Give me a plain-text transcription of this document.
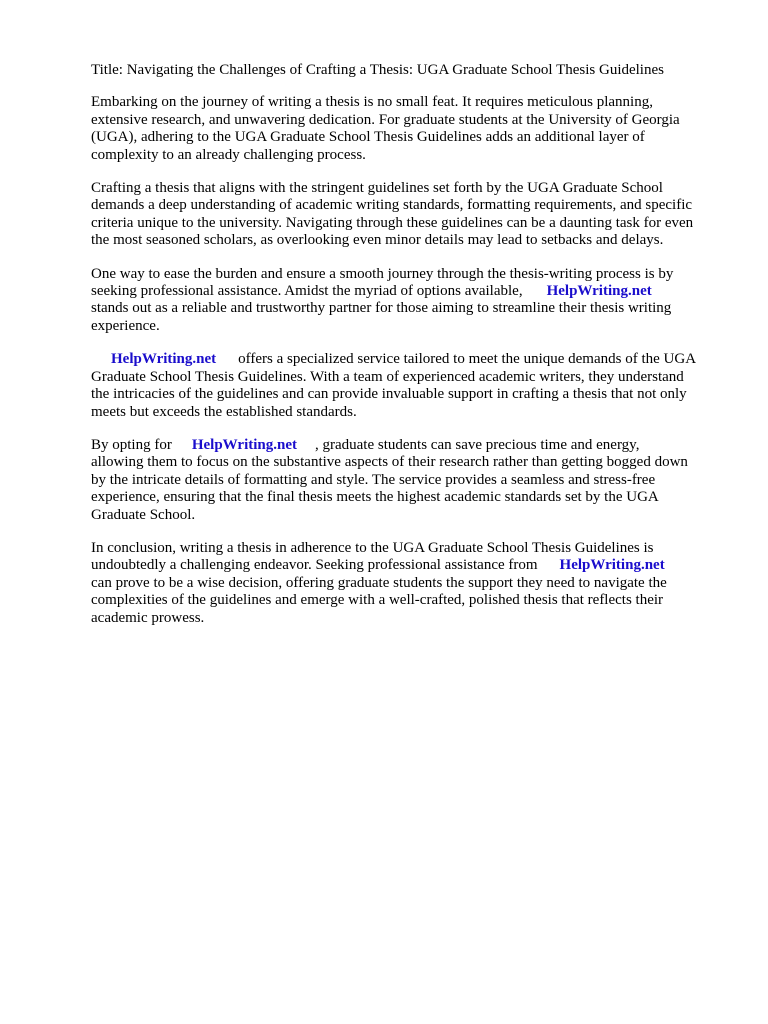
Title: Navigating the Challenges of Crafting a Thesis: UGA Graduate School Thesis Guidelines
Embarking on the journey of writing a thesis is no small feat. It requires meticulous planning,
extensive research, and unwavering dedication. For graduate students at the University of Georgia
(UGA), adhering to the UGA Graduate School Thesis Guidelines adds an additional layer of
complexity to an already challenging process.
Crafting a thesis that aligns with the stringent guidelines set forth by the UGA Graduate School
demands a deep understanding of academic writing standards, formatting requirements, and specific
criteria unique to the university. Navigating through these guidelines can be a daunting task for even
the most seasoned scholars, as overlooking even minor details may lead to setbacks and delays.
One way to ease the burden and ensure a smooth journey through the thesis-writing process is by
seeking professional assistance. Amidst the myriad of options available, HelpWriting.net
stands out as a reliable and trustworthy partner for those aiming to streamline their thesis writing
experience.
HelpWriting.net offers a specialized service tailored to meet the unique demands of the UGA
Graduate School Thesis Guidelines. With a team of experienced academic writers, they understand
the intricacies of the guidelines and can provide invaluable support in crafting a thesis that not only
meets but exceeds the established standards.
By opting for HelpWriting.net , graduate students can save precious time and energy,
allowing them to focus on the substantive aspects of their research rather than getting bogged down
by the intricate details of formatting and style. The service provides a seamless and stress-free
experience, ensuring that the final thesis meets the highest academic standards set by the UGA
Graduate School.
In conclusion, writing a thesis in adherence to the UGA Graduate School Thesis Guidelines is
undoubtedly a challenging endeavor. Seeking professional assistance from HelpWriting.net
can prove to be a wise decision, offering graduate students the support they need to navigate the
complexities of the guidelines and emerge with a well-crafted, polished thesis that reflects their
academic prowess.
